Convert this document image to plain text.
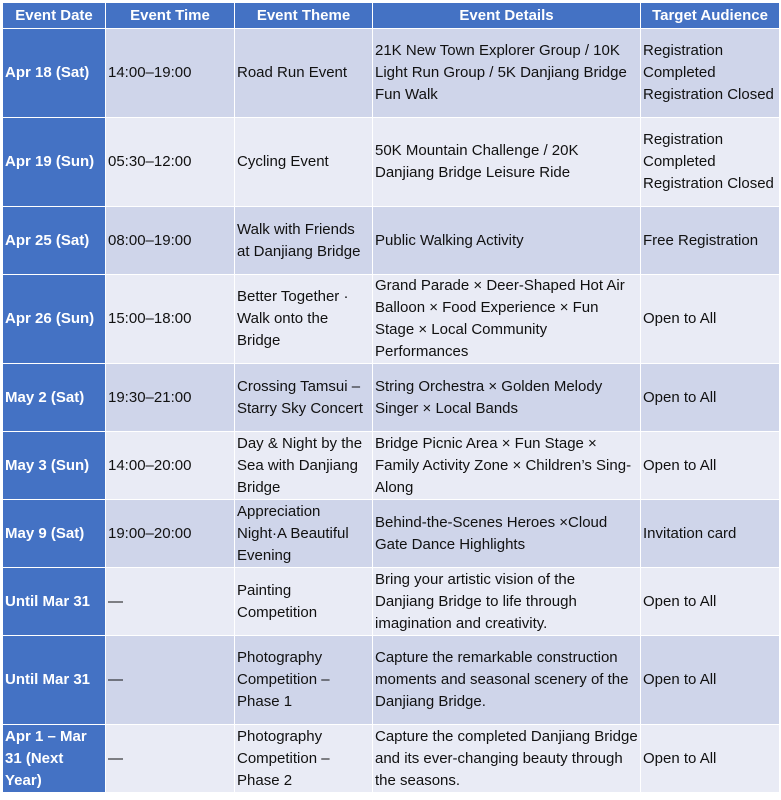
Event Date	Event Time	Event Theme	Event Details	Target Audience
Apr 18 (Sat)	14:00–19:00	Road Run Event	21K New Town Explorer Group / 10K Light Run Group / 5K Danjiang Bridge Fun Walk	Registration Completed Registration Closed
Apr 19 (Sun)	05:30–12:00	Cycling Event	50K Mountain Challenge / 20K Danjiang Bridge Leisure Ride	Registration Completed Registration Closed
Apr 25 (Sat)	08:00–19:00	Walk with Friends at Danjiang Bridge	Public Walking Activity	Free Registration
Apr 26 (Sun)	15:00–18:00	Better Together · Walk onto the Bridge	Grand Parade × Deer-Shaped Hot Air Balloon × Food Experience × Fun Stage × Local Community Performances	Open to All
May 2 (Sat)	19:30–21:00	Crossing Tamsui – Starry Sky Concert	String Orchestra × Golden Melody Singer × Local Bands	Open to All
May 3 (Sun)	14:00–20:00	Day & Night by the Sea with Danjiang Bridge	Bridge Picnic Area × Fun Stage × Family Activity Zone × Children’s Sing-Along	Open to All
May 9 (Sat)	19:00–20:00	Appreciation Night·A Beautiful Evening	Behind-the-Scenes Heroes ×Cloud Gate Dance Highlights	Invitation card
Until Mar 31	—	Painting Competition	Bring your artistic vision of the Danjiang Bridge to life through imagination and creativity.	Open to All
Until Mar 31	—	Photography Competition – Phase 1	Capture the remarkable construction moments and seasonal scenery of the Danjiang Bridge.	Open to All
Apr 1 – Mar 31 (Next Year)	—	Photography Competition – Phase 2	Capture the completed Danjiang Bridge and its ever-changing beauty through the seasons.	Open to All
